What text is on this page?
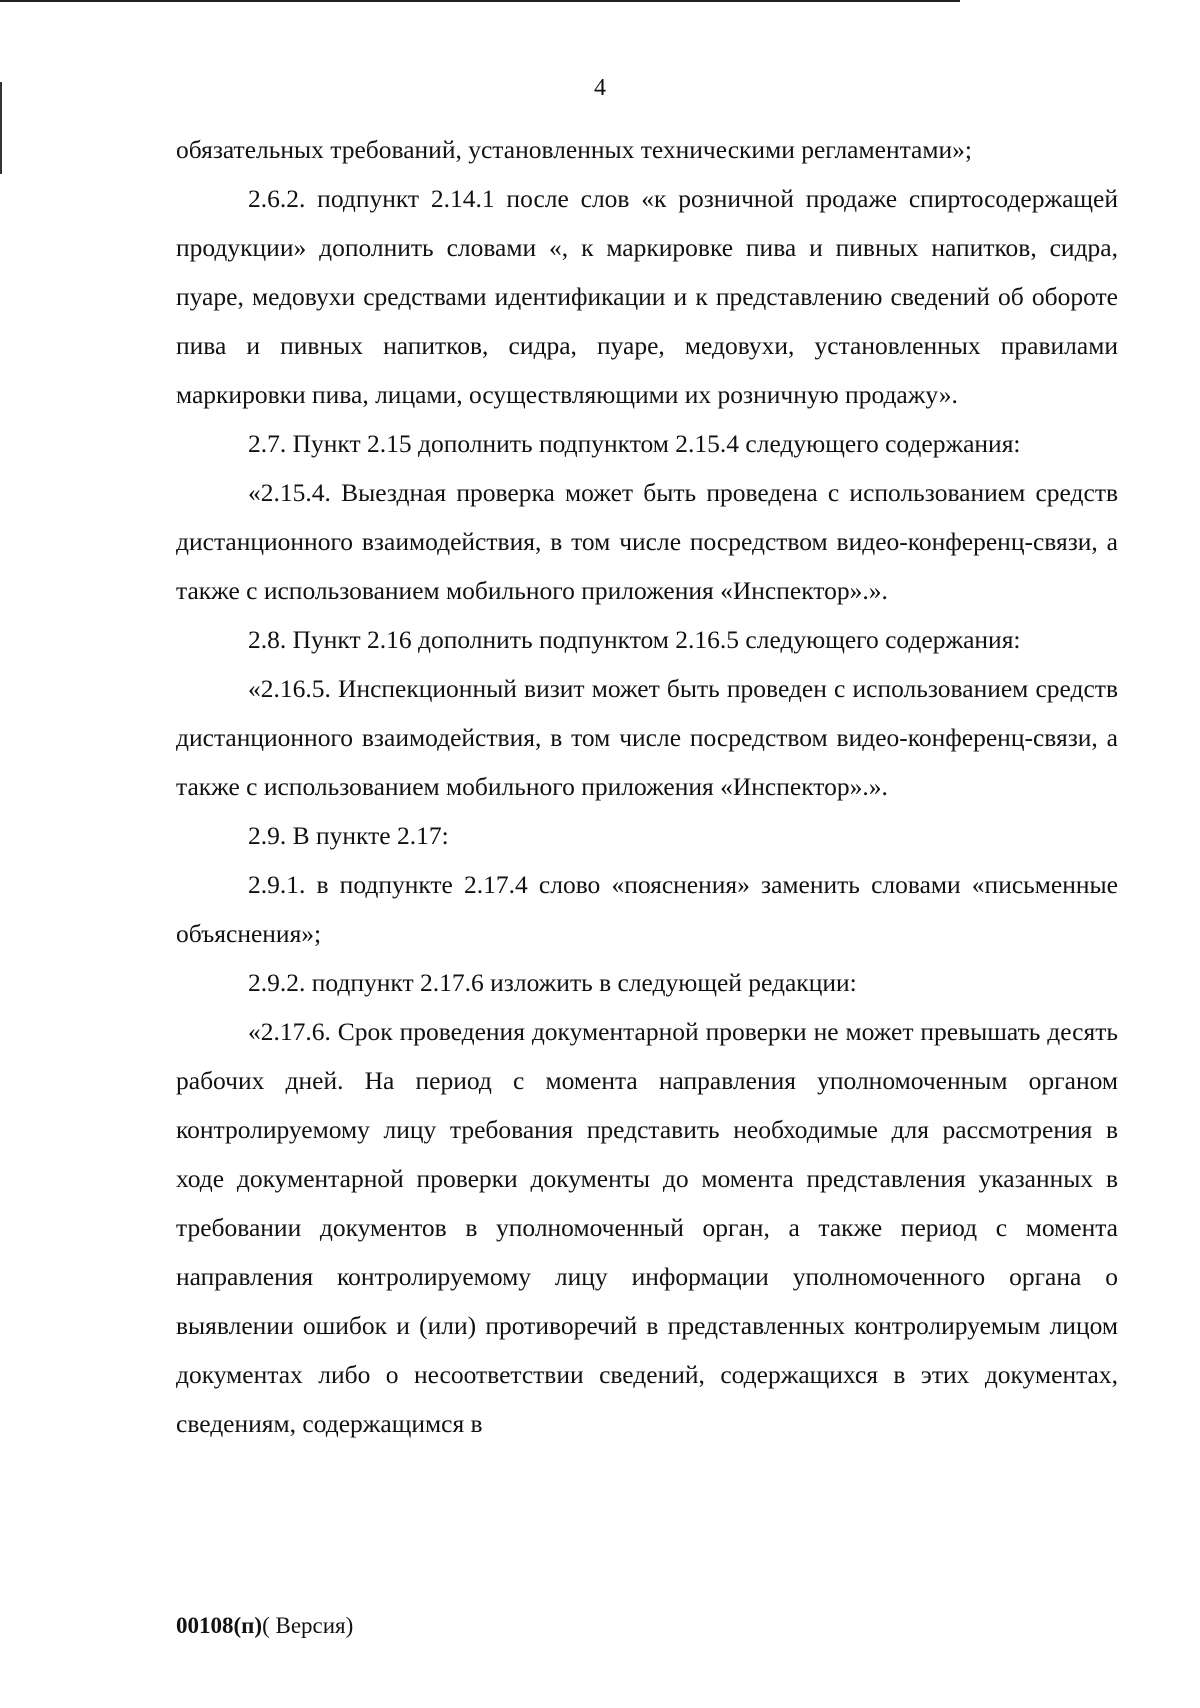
4

обязательных требований, установленных техническими регламентами»;

2.6.2. подпункт 2.14.1 после слов «к розничной продаже спиртосодержащей продукции» дополнить словами «, к маркировке пива и пивных напитков, сидра, пуаре, медовухи средствами идентификации и к представлению сведений об обороте пива и пивных напитков, сидра, пуаре, медовухи, установленных правилами маркировки пива, лицами, осуществляющими их розничную продажу».

2.7. Пункт 2.15 дополнить подпунктом 2.15.4 следующего содержания:

«2.15.4. Выездная проверка может быть проведена с использованием средств дистанционного взаимодействия, в том числе посредством видео-конференц-связи, а также с использованием мобильного приложения «Инспектор».».

2.8. Пункт 2.16 дополнить подпунктом 2.16.5 следующего содержания:

«2.16.5. Инспекционный визит может быть проведен с использованием средств дистанционного взаимодействия, в том числе посредством видео-конференц-связи, а также с использованием мобильного приложения «Инспектор».».

2.9. В пункте 2.17:

2.9.1. в подпункте 2.17.4 слово «пояснения» заменить словами «письменные объяснения»;

2.9.2. подпункт 2.17.6 изложить в следующей редакции:

«2.17.6. Срок проведения документарной проверки не может превышать десять рабочих дней. На период с момента направления уполномоченным органом контролируемому лицу требования представить необходимые для рассмотрения в ходе документарной проверки документы до момента представления указанных в требовании документов в уполномоченный орган, а также период с момента направления контролируемому лицу информации уполномоченного органа о выявлении ошибок и (или) противоречий в представленных контролируемым лицом документах либо о несоответствии сведений, содержащихся в этих документах, сведениям, содержащимся в

00108(п)( Версия)
